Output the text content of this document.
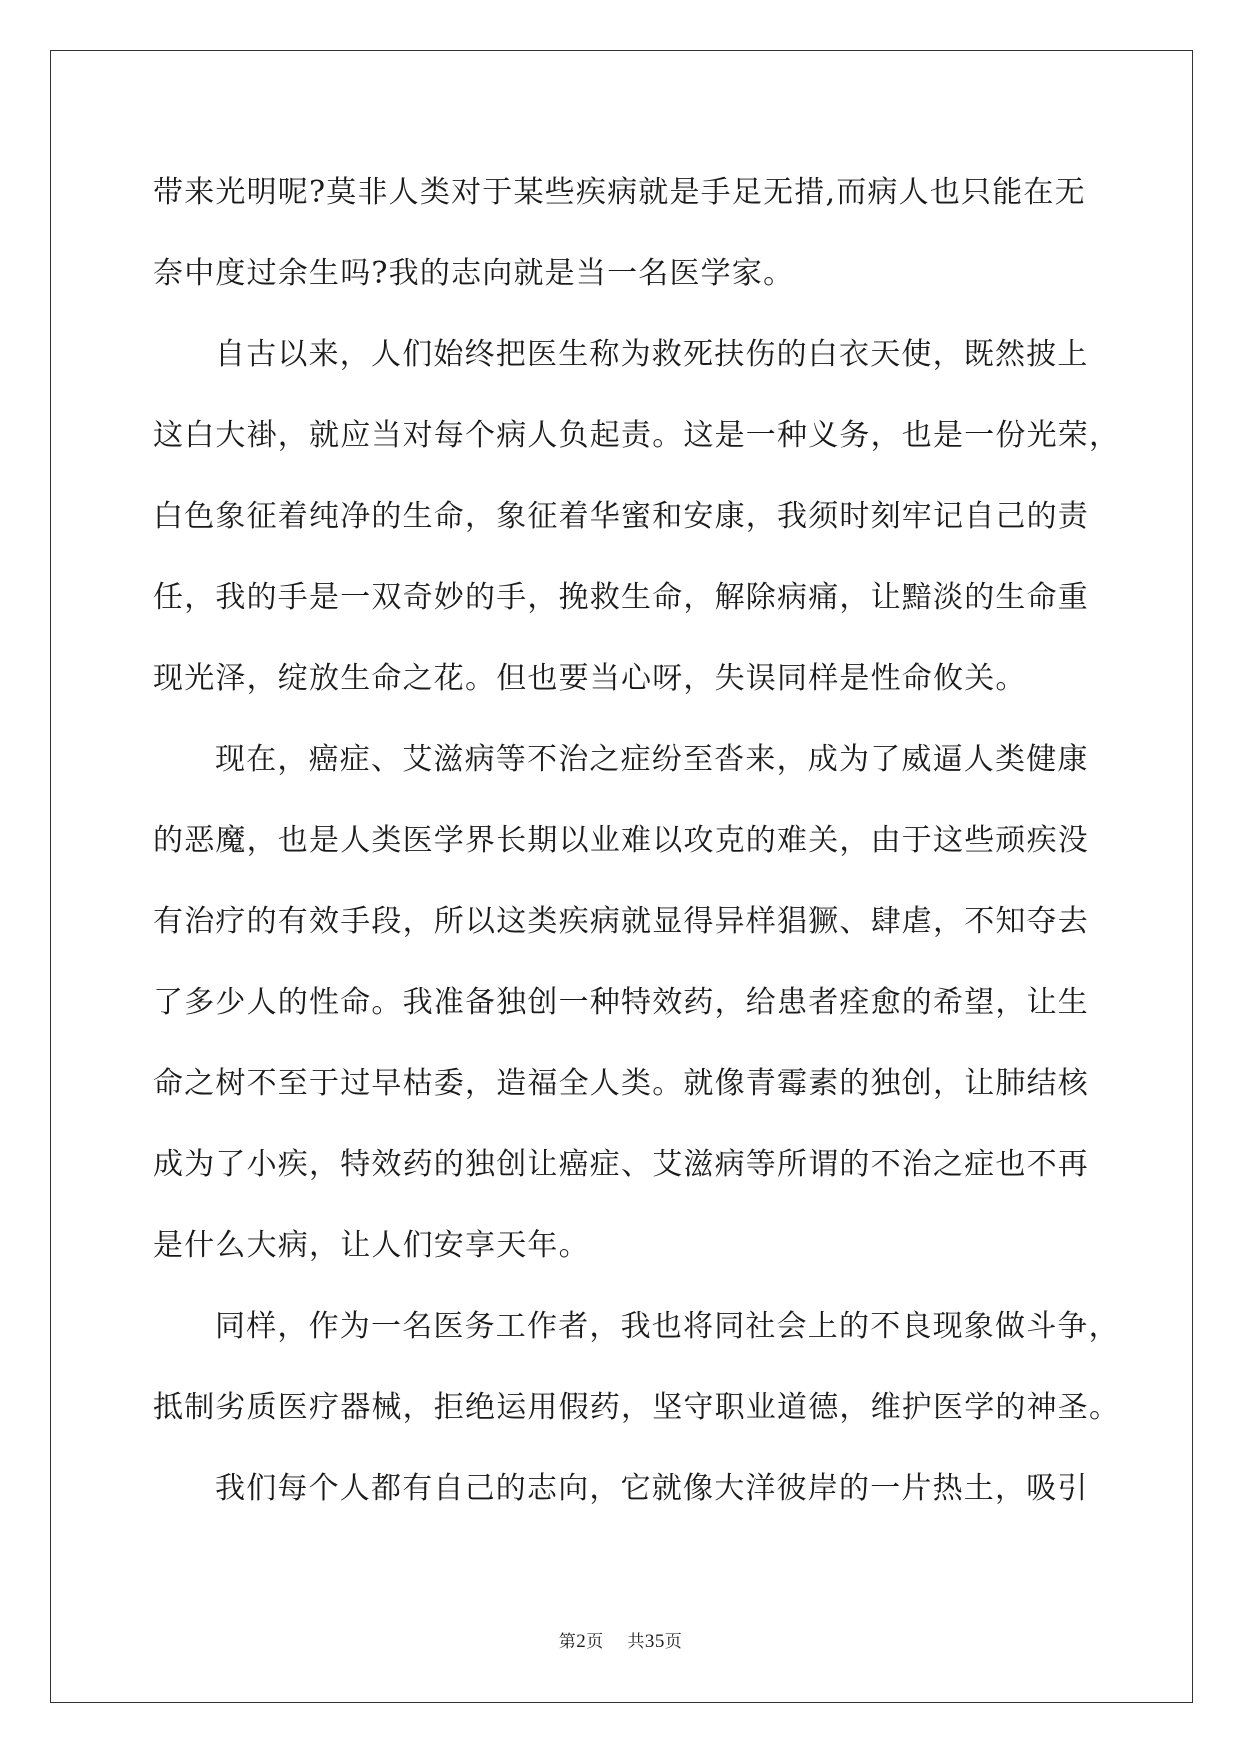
带来光明呢?莫非人类对于某些疾病就是手足无措,而病人也只能在无
奈中度过余生吗?我的志向就是当一名医学家。
自古以来，人们始终把医生称为救死扶伤的白衣天使，既然披上
这白大褂，就应当对每个病人负起责。这是一种义务，也是一份光荣，
白色象征着纯净的生命，象征着华蜜和安康，我须时刻牢记自己的责
任，我的手是一双奇妙的手，挽救生命，解除病痛，让黯淡的生命重
现光泽，绽放生命之花。但也要当心呀，失误同样是性命攸关。
现在，癌症、艾滋病等不治之症纷至沓来，成为了威逼人类健康
的恶魔，也是人类医学界长期以业难以攻克的难关，由于这些顽疾没
有治疗的有效手段，所以这类疾病就显得异样猖獗、肆虐，不知夺去
了多少人的性命。我准备独创一种特效药，给患者痊愈的希望，让生
命之树不至于过早枯委，造福全人类。就像青霉素的独创，让肺结核
成为了小疾，特效药的独创让癌症、艾滋病等所谓的不治之症也不再
是什么大病，让人们安享天年。
同样，作为一名医务工作者，我也将同社会上的不良现象做斗争，
抵制劣质医疗器械，拒绝运用假药，坚守职业道德，维护医学的神圣。
我们每个人都有自己的志向，它就像大洋彼岸的一片热土，吸引
第2页 共35页
